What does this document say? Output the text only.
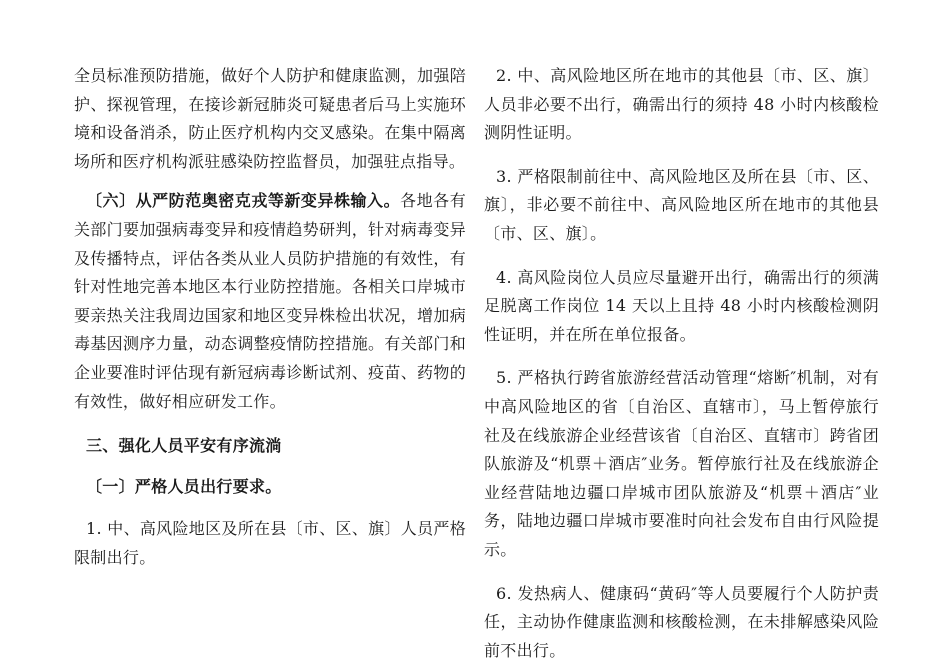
全员标准预防措施，做好个人防护和健康监测，加强陪护、探视管理，在接诊新冠肺炎可疑患者后马上实施环境和设备消杀，防止医疗机构内交叉感染。在集中隔离场所和医疗机构派驻感染防控监督员，加强驻点指导。

〔六〕从严防范奥密克戎等新变异株输入。各地各有关部门要加强病毒变异和疫情趋势研判，针对病毒变异及传播特点，评估各类从业人员防护措施的有效性，有针对性地完善本地区本行业防控措施。各相关口岸城市要亲热关注我周边国家和地区变异株检出状况，增加病毒基因测序力量，动态调整疫情防控措施。有关部门和企业要准时评估现有新冠病毒诊断试剂、疫苗、药物的有效性，做好相应研发工作。

三、强化人员平安有序流淌

〔一〕严格人员出行要求。

1. 中、高风险地区及所在县〔市、区、旗〕人员严格限制出行。

2. 中、高风险地区所在地市的其他县〔市、区、旗〕人员非必要不出行，确需出行的须持 48 小时内核酸检测阴性证明。

3. 严格限制前往中、高风险地区及所在县〔市、区、旗〕，非必要不前往中、高风险地区所在地市的其他县〔市、区、旗〕。

4. 高风险岗位人员应尽量避开出行，确需出行的须满足脱离工作岗位 14 天以上且持 48 小时内核酸检测阴性证明，并在所在单位报备。

5. 严格执行跨省旅游经营活动管理“熔断″机制，对有中高风险地区的省〔自治区、直辖市〕，马上暂停旅行社及在线旅游企业经营该省〔自治区、直辖市〕跨省团队旅游及“机票＋酒店″业务。暂停旅行社及在线旅游企业经营陆地边疆口岸城市团队旅游及“机票＋酒店″业务，陆地边疆口岸城市要准时向社会发布自由行风险提示。

6. 发热病人、健康码“黄码″等人员要履行个人防护责任，主动协作健康监测和核酸检测，在未排解感染风险前不出行。
